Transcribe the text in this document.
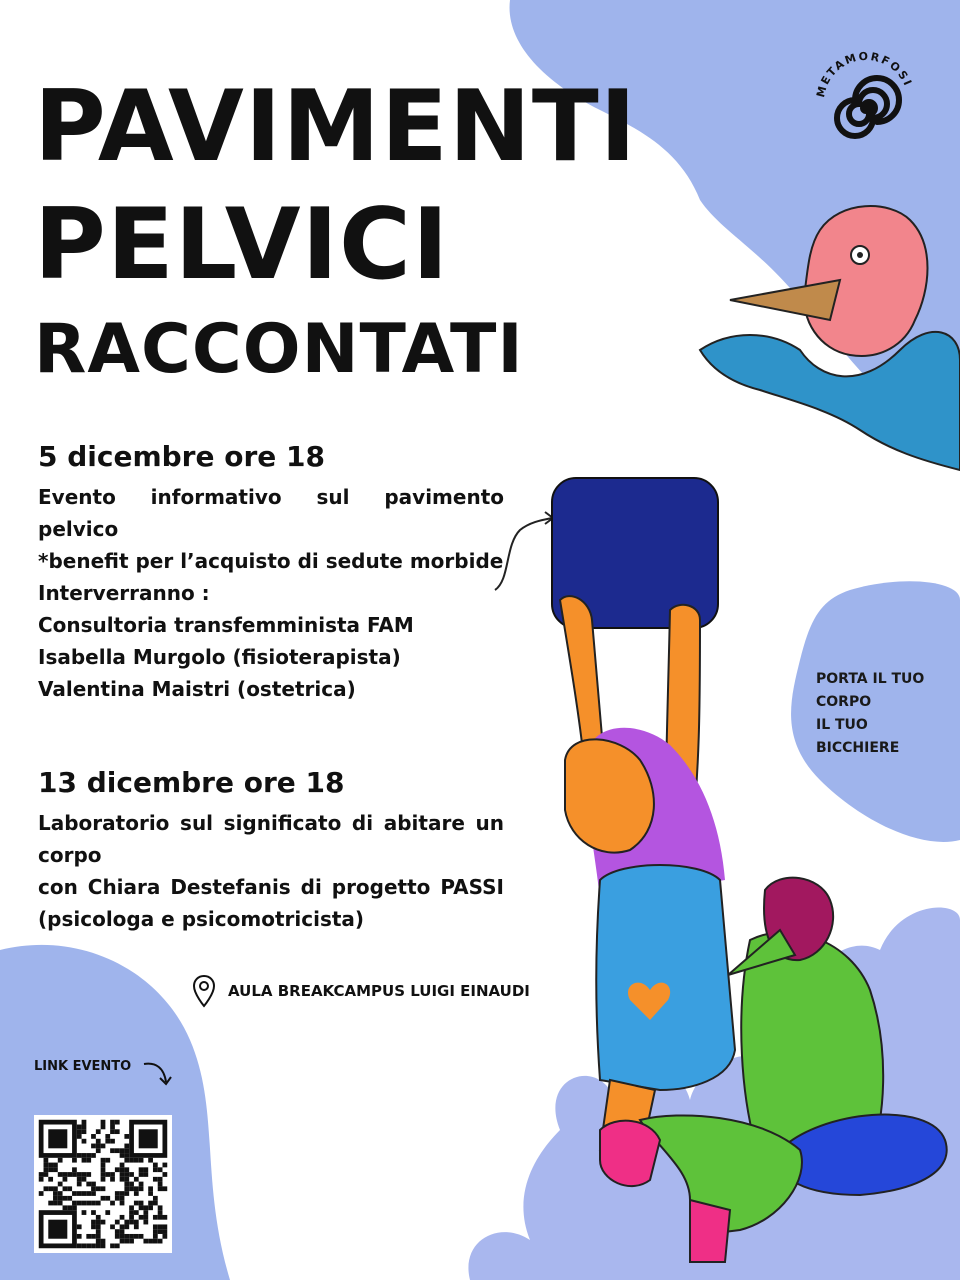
METAMORFOSI
PAVIMENTI
PELVICI
RACCONTATI

5 dicembre ore 18

Evento informativo sul pavimento pelvico

*benefit per l’acquisto di sedute morbide

Interverranno :

Consultoria transfemminista FAM

Isabella Murgolo (fisioterapista)

Valentina Maistri (ostetrica)

13 dicembre ore 18

Laboratorio sul significato di abitare un corpo

con Chiara Destefanis di progetto PASSI (psicologa e psicomotricista)

PORTA IL TUO
CORPO
IL TUO
BICCHIERE
AULA BREAKCAMPUS LUIGI EINAUDI
LINK EVENTO
